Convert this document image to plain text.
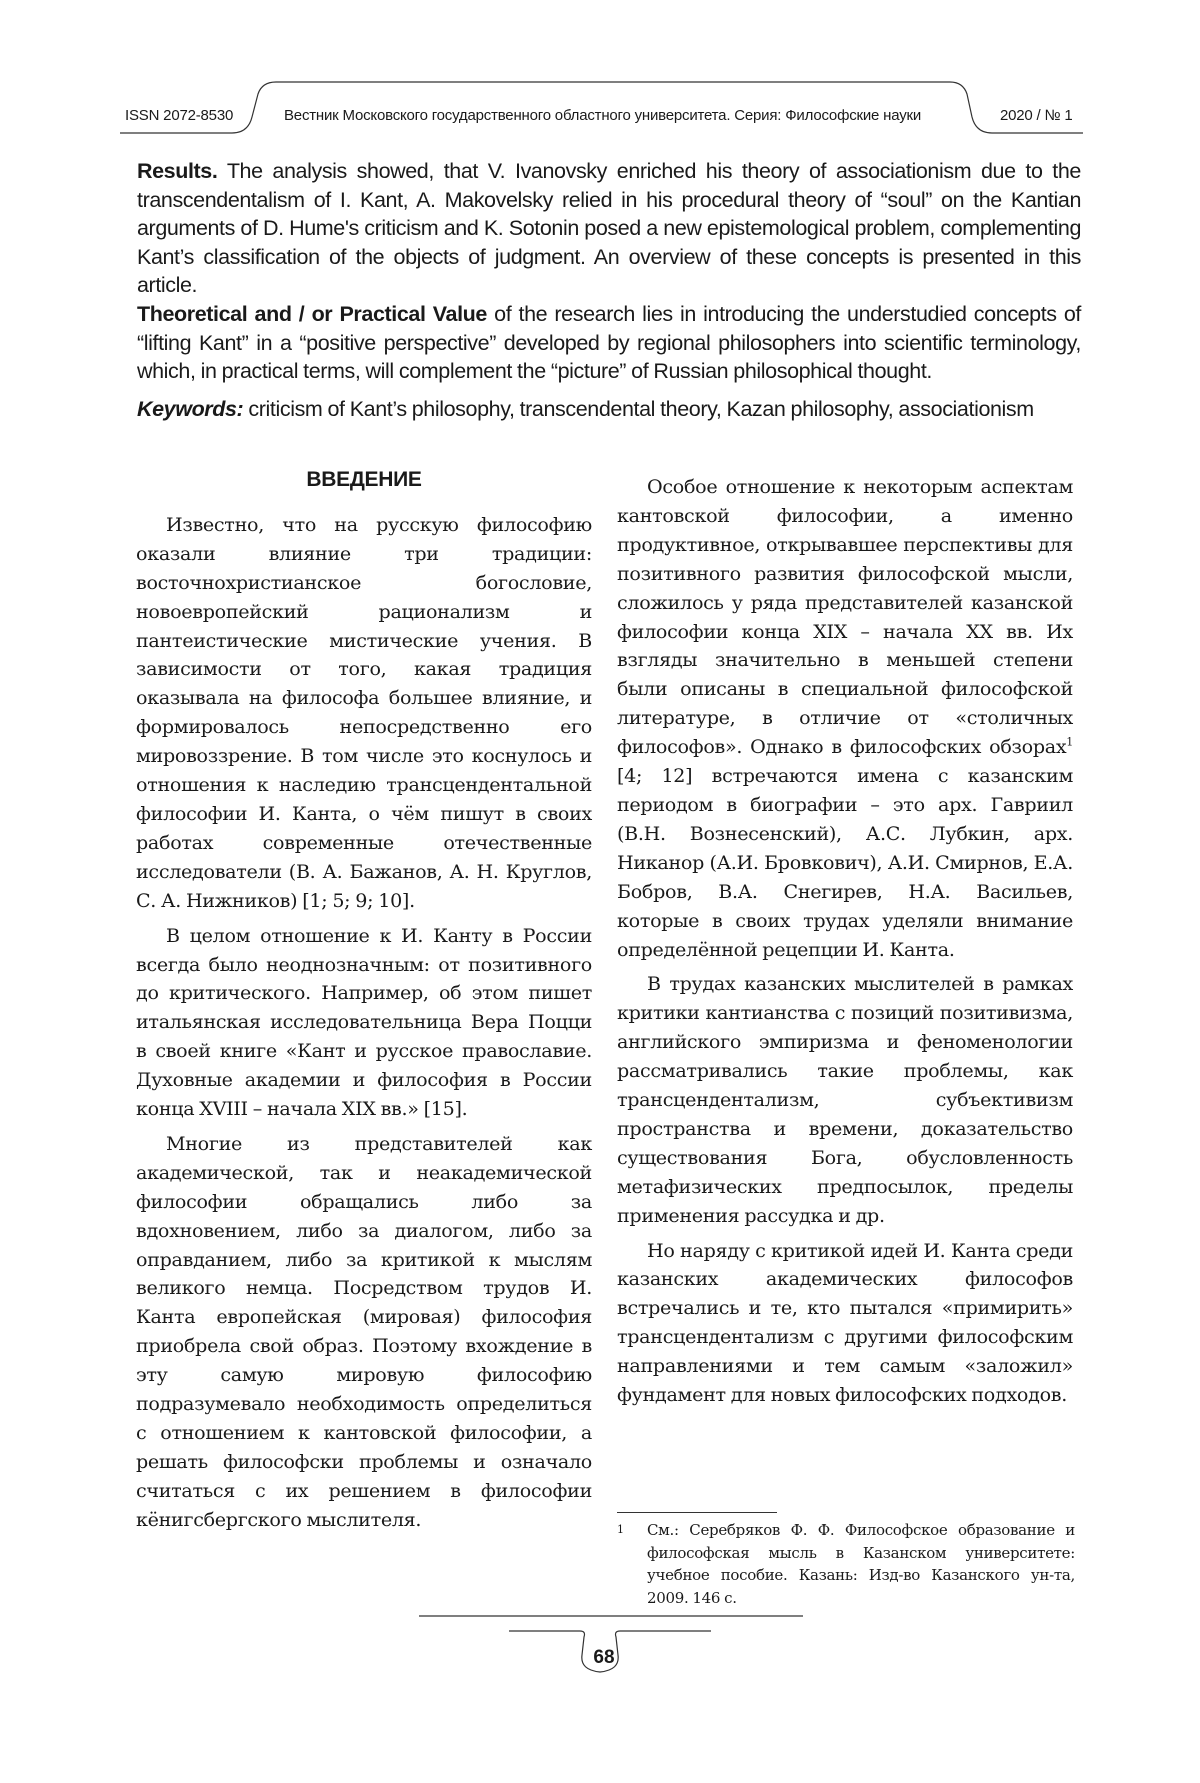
ISSN 2072-8530	Вестник Московского государственного областного университета. Серия: Философские науки	2020 / № 1

Results. The analysis showed, that V. Ivanovsky enriched his theory of associationism due to the transcendentalism of I. Kant, A. Makovelsky relied in his procedural theory of “soul” on the Kantian arguments of D. Hume's criticism and K. Sotonin posed a new epistemological problem, complementing Kant’s classification of the objects of judgment. An overview of these concepts is presented in this article.

Theoretical and / or Practical Value of the research lies in introducing the understudied concepts of “lifting Kant” in a “positive perspective” developed by regional philosophers into scientific terminology, which, in practical terms, will complement the “picture” of Russian philosophical thought.

Keywords: criticism of Kant’s philosophy, transcendental theory, Kazan philosophy, associationism

ВВЕДЕНИЕ

Известно, что на русскую философию оказали влияние три традиции: восточнохристианское богословие, новоевропейский рационализм и пантеистические мистические учения. В зависимости от того, какая традиция оказывала на философа большее влияние, и формировалось непосредственно его мировоззрение. В том числе это коснулось и отношения к наследию трансцендентальной философии И. Канта, о чём пишут в своих работах современные отечественные исследователи (В. А. Бажанов, А. Н. Круглов, С. А. Нижников) [1; 5; 9; 10].

В целом отношение к И. Канту в России всегда было неоднозначным: от позитивного до критического. Например, об этом пишет итальянская исследовательница Вера Поцци в своей книге «Кант и русское православие. Духовные академии и философия в России конца XVIII – начала XIX вв.» [15].

Многие из представителей как академической, так и неакадемической философии обращались либо за вдохновением, либо за диалогом, либо за оправданием, либо за критикой к мыслям великого немца. Посредством трудов И. Канта европейская (мировая) философия приобрела свой образ. Поэтому вхождение в эту самую мировую философию подразумевало необходимость определиться с отношением к кантовской философии, а решать философски проблемы и означало считаться с их решением в философии кёнигсбергского мыслителя.

Особое отношение к некоторым аспектам кантовской философии, а именно продуктивное, открывавшее перспективы для позитивного развития философской мысли, сложилось у ряда представителей казанской философии конца XIX – начала XX вв. Их взгляды значительно в меньшей степени были описаны в специальной философской литературе, в отличие от «столичных философов». Однако в философских обзорах$^1$ [4; 12] встречаются имена с казанским периодом в биографии – это арх. Гавриил (В.Н. Вознесенский), А.С. Лубкин, арх. Никанор (А.И. Бровкович), А.И. Смирнов, Е.А. Бобров, В.А. Снегирев, Н.А. Васильев, которые в своих трудах уделяли внимание определённой рецепции И. Канта.

В трудах казанских мыслителей в рамках критики кантианства с позиций позитивизма, английского эмпиризма и феноменологии рассматривались такие проблемы, как трансцендентализм, субъективизм пространства и времени, доказательство существования Бога, обусловленность метафизических предпосылок, пределы применения рассудка и др.

Но наряду с критикой идей И. Канта среди казанских академических философов встречались и те, кто пытался «примирить» трансцендентализм с другими философским направлениями и тем самым «заложил» фундамент для новых философских подходов.

1	См.: Серебряков Ф. Ф. Философское образование и философская мысль в Казанском университете: учебное пособие. Казань: Изд-во Казанского ун-та, 2009. 146 с.
68
